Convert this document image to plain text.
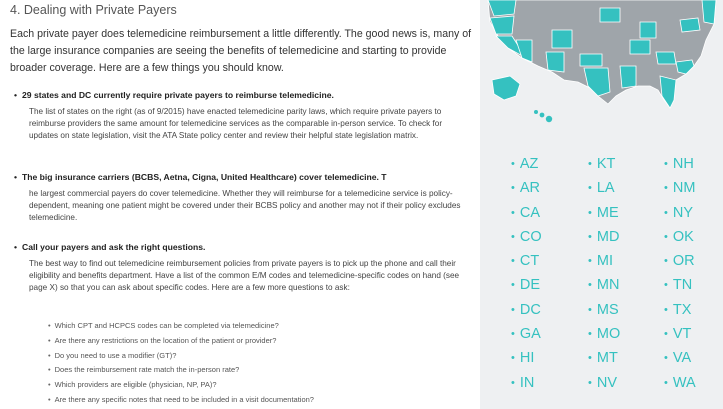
4. Dealing with Private Payers

Each private payer does telemedicine reimbursement a little differently. The good news is, many of the large insurance companies are seeing the benefits of telemedicine and starting to provide broader coverage. Here are a few things you should know.

• 29 states and DC currently require private payers to reimburse telemedicine.

The list of states on the right (as of 9/2015) have enacted telemedicine parity laws, which require private payers to reimburse providers the same amount for telemedicine services as the comparable in-person service. To check for updates on state legislation, visit the ATA State policy center and review their helpful state legislation matrix.

• The big insurance carriers (BCBS, Aetna, Cigna, United Healthcare) cover telemedicine. T

he largest commercial payers do cover telemedicine. Whether they will reimburse for a telemedicine service is policy-dependent, meaning one patient might be covered under their BCBS policy and another may not if their policy excludes telemedicine.

• Call your payers and ask the right questions.

The best way to find out telemedicine reimbursement policies from private payers is to pick up the phone and call their eligibility and benefits department. Have a list of the common E/M codes and telemedicine-specific codes on hand (see page X) so that you can ask about specific codes. Here are a few more questions to ask:

• Which CPT and HCPCS codes can be completed via telemedicine?
• Are there any restrictions on the location of the patient or provider?
• Do you need to use a modifier (GT)?
• Does the reimbursement rate match the in-person rate?
• Which providers are eligible (physician, NP, PA)?
• Are there any specific notes that need to be included in a visit documentation?
• AZ
• AR
• CA
• CO
• CT
• DE
• DC
• GA
• HI
• IN
• KT
• LA
• ME
• MD
• MI
• MN
• MS
• MO
• MT
• NV
• NH
• NM
• NY
• OK
• OR
• TN
• TX
• VT
• VA
• WA
